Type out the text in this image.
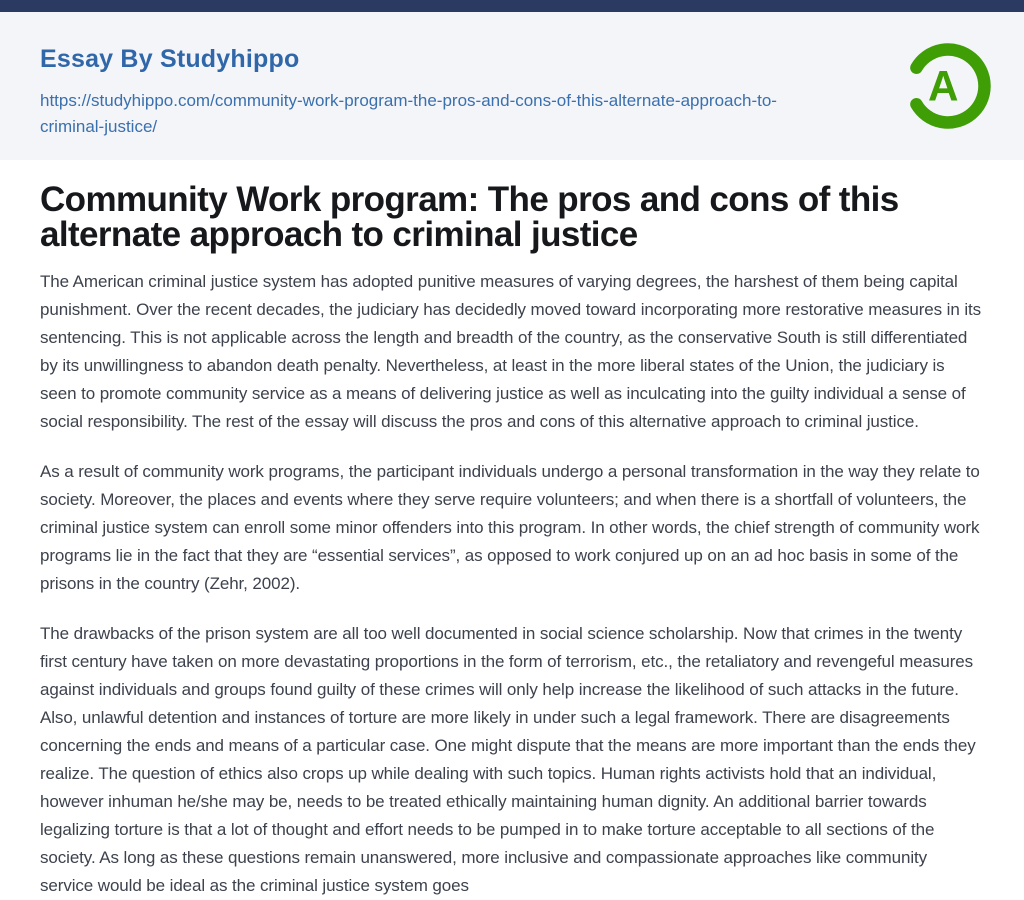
Essay By Studyhippo
https://studyhippo.com/community-work-program-the-pros-and-cons-of-this-alternate-approach-to-criminal-justice/
A
Community Work program: The pros and cons of this alternate approach to criminal justice

The American criminal justice system has adopted punitive measures of varying degrees, the harshest of them being capital punishment. Over the recent decades, the judiciary has decidedly moved toward incorporating more restorative measures in its sentencing. This is not applicable across the length and breadth of the country, as the conservative South is still differentiated by its unwillingness to abandon death penalty. Nevertheless, at least in the more liberal states of the Union, the judiciary is seen to promote community service as a means of delivering justice as well as inculcating into the guilty individual a sense of social responsibility. The rest of the essay will discuss the pros and cons of this alternative approach to criminal justice.

As a result of community work programs, the participant individuals undergo a personal transformation in the way they relate to society. Moreover, the places and events where they serve require volunteers; and when there is a shortfall of volunteers, the criminal justice system can enroll some minor offenders into this program. In other words, the chief strength of community work programs lie in the fact that they are “essential services”, as opposed to work conjured up on an ad hoc basis in some of the prisons in the country (Zehr, 2002).

The drawbacks of the prison system are all too well documented in social science scholarship. Now that crimes in the twenty first century have taken on more devastating proportions in the form of terrorism, etc., the retaliatory and revengeful measures against individuals and groups found guilty of these crimes will only help increase the likelihood of such attacks in the future. Also, unlawful detention and instances of torture are more likely in under such a legal framework. There are disagreements concerning the ends and means of a particular case. One might dispute that the means are more important than the ends they realize. The question of ethics also crops up while dealing with such topics. Human rights activists hold that an individual, however inhuman he/she may be, needs to be treated ethically maintaining human dignity. An additional barrier towards legalizing torture is that a lot of thought and effort needs to be pumped in to make torture acceptable to all sections of the society. As long as these questions remain unanswered, more inclusive and compassionate approaches like community service would be ideal as the criminal justice system goes
